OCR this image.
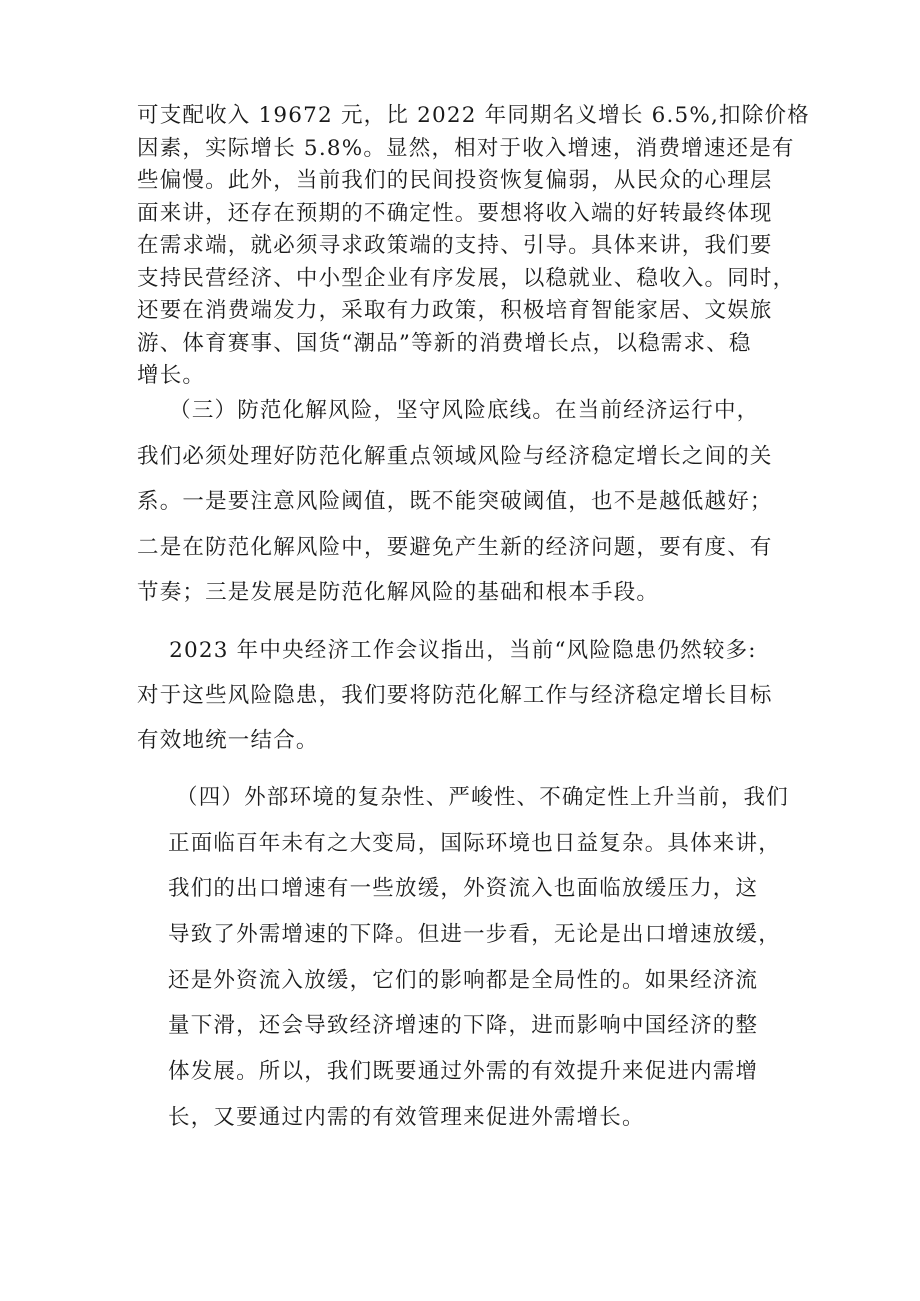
可支配收入 19672 元，比 2022 年同期名义增长 6.5%,扣除价格
因素，实际增长 5.8%。显然，相对于收入增速，消费增速还是有
些偏慢。此外，当前我们的民间投资恢复偏弱，从民众的心理层
面来讲，还存在预期的不确定性。要想将收入端的好转最终体现
在需求端，就必须寻求政策端的支持、引导。具体来讲，我们要
支持民营经济、中小型企业有序发展，以稳就业、稳收入。同时，
还要在消费端发力，采取有力政策，积极培育智能家居、文娱旅
游、体育赛事、国货“潮品”等新的消费增长点，以稳需求、稳
增长。
（三）防范化解风险，坚守风险底线。在当前经济运行中，
我们必须处理好防范化解重点领域风险与经济稳定增长之间的关
系。一是要注意风险阈值，既不能突破阈值，也不是越低越好；
二是在防范化解风险中，要避免产生新的经济问题，要有度、有
节奏；三是发展是防范化解风险的基础和根本手段。
2023 年中央经济工作会议指出，当前“风险隐患仍然较多:
对于这些风险隐患，我们要将防范化解工作与经济稳定增长目标
有效地统一结合。
（四）外部环境的复杂性、严峻性、不确定性上升当前，我们
正面临百年未有之大变局，国际环境也日益复杂。具体来讲，
我们的出口增速有一些放缓，外资流入也面临放缓压力，这
导致了外需增速的下降。但进一步看，无论是出口增速放缓，
还是外资流入放缓，它们的影响都是全局性的。如果经济流
量下滑，还会导致经济增速的下降，进而影响中国经济的整
体发展。所以，我们既要通过外需的有效提升来促进内需增
长，又要通过内需的有效管理来促进外需增长。
